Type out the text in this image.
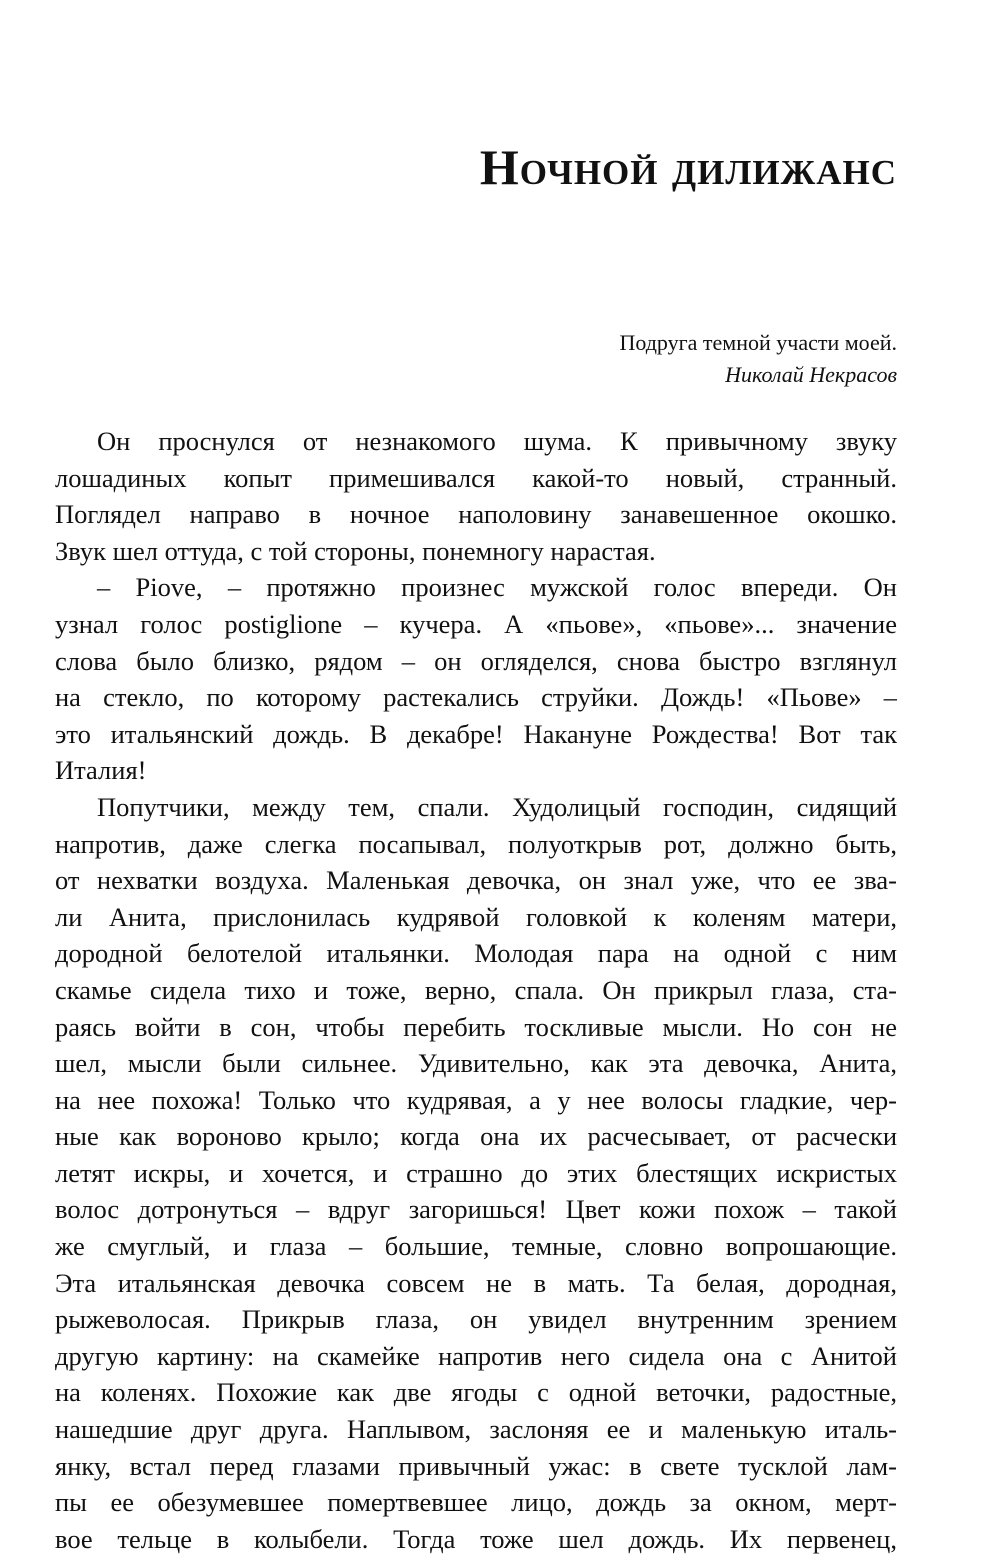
Ночной дилижанс
Подруга темной участи моей.
Николай Некрасов
Он проснулся от незнакомого шума. К привычному звуку
лошадиных копыт примешивался какой-то новый, странный.
Поглядел направо в ночное наполовину занавешенное окошко.
Звук шел оттуда, с той стороны, понемногу нарастая.
– Piove, – протяжно произнес мужской голос впереди. Он
узнал голос postiglione – кучера. А «пьове», «пьове»... значение
слова было близко, рядом – он огляделся, снова быстро взглянул
на стекло, по которому растекались струйки. Дождь! «Пьове» –
это итальянский дождь. В декабре! Накануне Рождества! Вот так
Италия!
Попутчики, между тем, спали. Худолицый господин, сидящий
напротив, даже слегка посапывал, полуоткрыв рот, должно быть,
от нехватки воздуха. Маленькая девочка, он знал уже, что ее зва-
ли Анита, прислонилась кудрявой головкой к коленям матери,
дородной белотелой итальянки. Молодая пара на одной с ним
скамье сидела тихо и тоже, верно, спала. Он прикрыл глаза, ста-
раясь войти в сон, чтобы перебить тоскливые мысли. Но сон не
шел, мысли были сильнее. Удивительно, как эта девочка, Анита,
на нее похожа! Только что кудрявая, а у нее волосы гладкие, чер-
ные как вороново крыло; когда она их расчесывает, от расчески
летят искры, и хочется, и страшно до этих блестящих искристых
волос дотронуться – вдруг загоришься! Цвет кожи похож – такой
же смуглый, и глаза – большие, темные, словно вопрошающие.
Эта итальянская девочка совсем не в мать. Та белая, дородная,
рыжеволосая. Прикрыв глаза, он увидел внутренним зрением
другую картину: на скамейке напротив него сидела она с Анитой
на коленях. Похожие как две ягоды с одной веточки, радостные,
нашедшие друг друга. Наплывом, заслоняя ее и маленькую италь-
янку, встал перед глазами привычный ужас: в свете тусклой лам-
пы ее обезумевшее помертвевшее лицо, дождь за окном, мерт-
вое тельце в колыбели. Тогда тоже шел дождь. Их первенец,
